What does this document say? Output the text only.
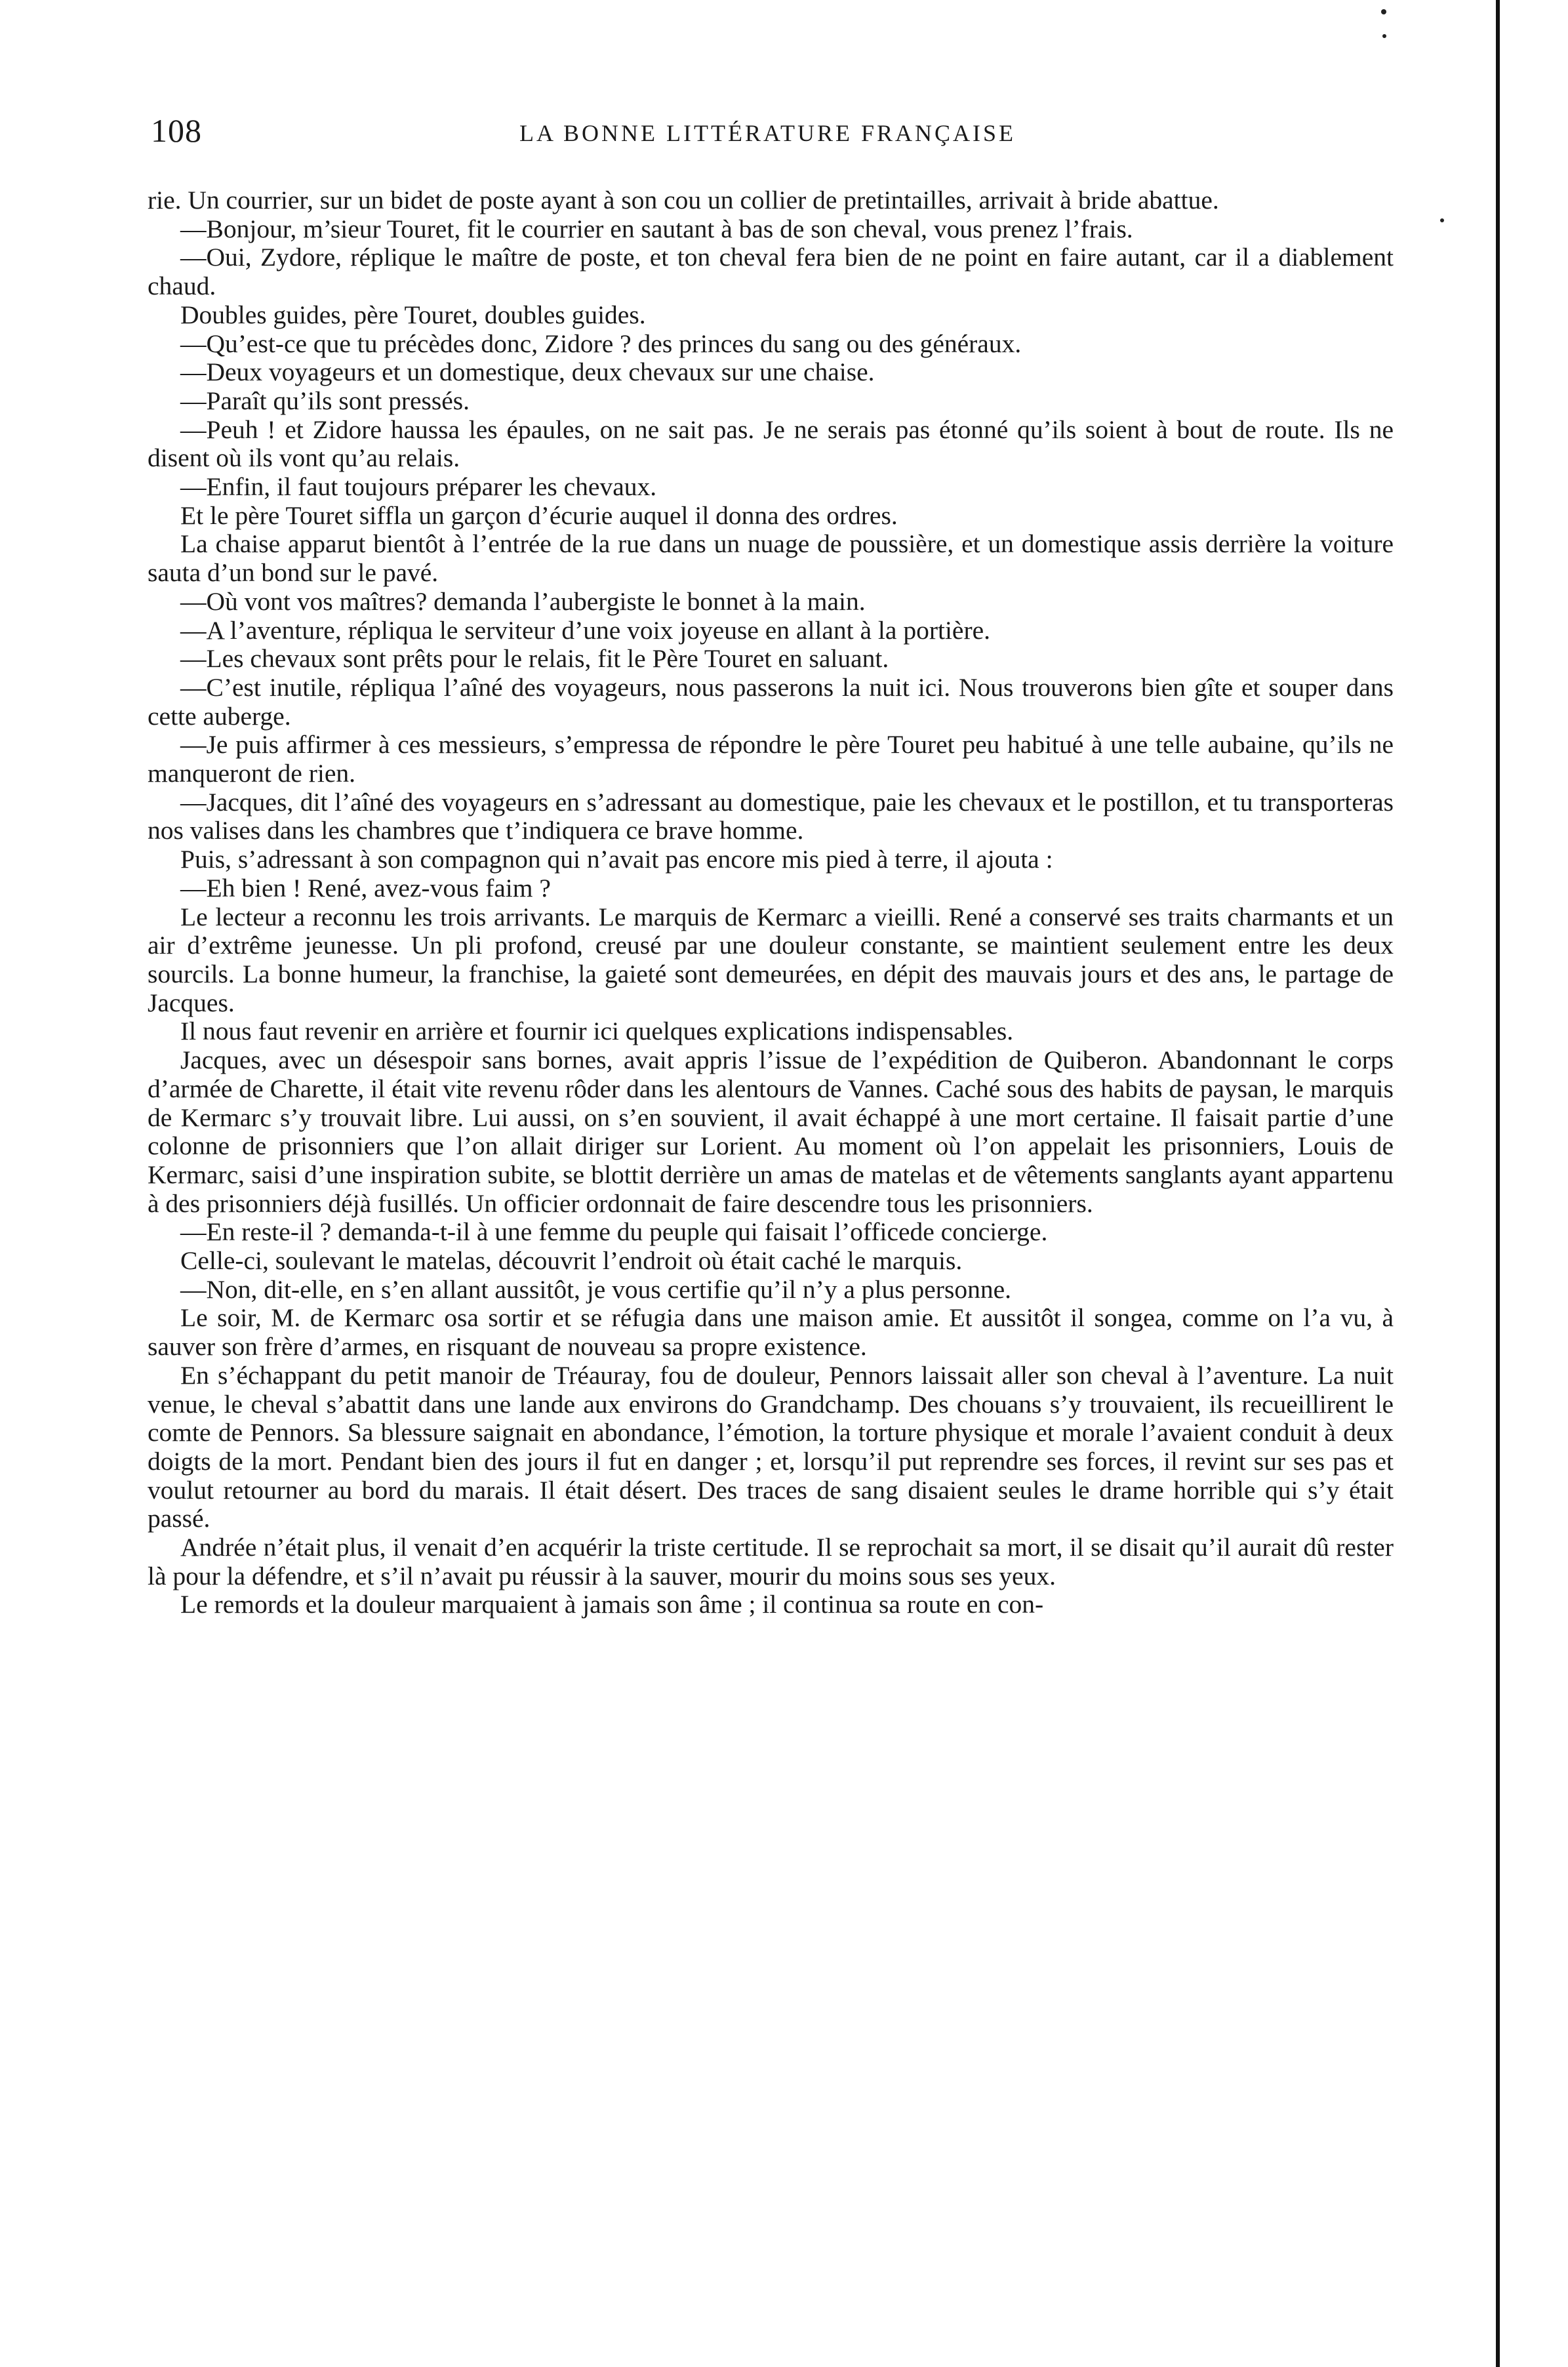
108	LA BONNE LITTÉRATURE FRANÇAISE

rie. Un courrier, sur un bidet de poste ayant à son cou un collier de pretintailles, arrivait à bride abattue.

—Bonjour, m’sieur Touret, fit le courrier en sautant à bas de son cheval, vous prenez l’frais.

—Oui, Zydore, réplique le maître de poste, et ton cheval fera bien de ne point en faire autant, car il a diablement chaud.

Doubles guides, père Touret, doubles guides.

—Qu’est-ce que tu précèdes donc, Zidore ? des princes du sang ou des généraux.

—Deux voyageurs et un domestique, deux chevaux sur une chaise.

—Paraît qu’ils sont pressés.

—Peuh ! et Zidore haussa les épaules, on ne sait pas. Je ne serais pas étonné qu’ils soient à bout de route. Ils ne disent où ils vont qu’au relais.

—Enfin, il faut toujours préparer les chevaux.

Et le père Touret siffla un garçon d’écurie auquel il donna des ordres.

La chaise apparut bientôt à l’entrée de la rue dans un nuage de poussière, et un domestique assis derrière la voiture sauta d’un bond sur le pavé.

—Où vont vos maîtres? demanda l’aubergiste le bonnet à la main.

—A l’aventure, répliqua le serviteur d’une voix joyeuse en allant à la portière.

—Les chevaux sont prêts pour le relais, fit le Père Touret en saluant.

—C’est inutile, répliqua l’aîné des voyageurs, nous passerons la nuit ici. Nous trouverons bien gîte et souper dans cette auberge.

—Je puis affirmer à ces messieurs, s’empressa de répondre le père Touret peu habitué à une telle aubaine, qu’ils ne manqueront de rien.

—Jacques, dit l’aîné des voyageurs en s’adressant au domestique, paie les chevaux et le postillon, et tu transporteras nos valises dans les chambres que t’indiquera ce brave homme.

Puis, s’adressant à son compagnon qui n’avait pas encore mis pied à terre, il ajouta :

—Eh bien ! René, avez-vous faim ?

Le lecteur a reconnu les trois arrivants. Le marquis de Kermarc a vieilli. René a conservé ses traits charmants et un air d’extrême jeunesse. Un pli profond, creusé par une douleur constante, se maintient seulement entre les deux sourcils. La bonne humeur, la franchise, la gaieté sont demeurées, en dépit des mauvais jours et des ans, le partage de Jacques.

Il nous faut revenir en arrière et fournir ici quelques explications indispensables.

Jacques, avec un désespoir sans bornes, avait appris l’issue de l’expédition de Quiberon. Abandonnant le corps d’armée de Charette, il était vite revenu rôder dans les alentours de Vannes. Caché sous des habits de paysan, le marquis de Kermarc s’y trouvait libre. Lui aussi, on s’en souvient, il avait échappé à une mort certaine. Il faisait partie d’une colonne de prisonniers que l’on allait diriger sur Lorient. Au moment où l’on appelait les prisonniers, Louis de Kermarc, saisi d’une inspiration subite, se blottit derrière un amas de matelas et de vêtements sanglants ayant appartenu à des prisonniers déjà fusillés. Un officier ordonnait de faire descendre tous les prisonniers.

—En reste-il ? demanda-t-il à une femme du peuple qui faisait l’officede concierge.

Celle-ci, soulevant le matelas, découvrit l’endroit où était caché le marquis.

—Non, dit-elle, en s’en allant aussitôt, je vous certifie qu’il n’y a plus personne.

Le soir, M. de Kermarc osa sortir et se réfugia dans une maison amie. Et aussitôt il songea, comme on l’a vu, à sauver son frère d’armes, en risquant de nouveau sa propre existence.

En s’échappant du petit manoir de Tréauray, fou de douleur, Pennors laissait aller son cheval à l’aventure. La nuit venue, le cheval s’abattit dans une lande aux environs do Grandchamp. Des chouans s’y trouvaient, ils recueillirent le comte de Pennors. Sa blessure saignait en abondance, l’émotion, la torture physique et morale l’avaient conduit à deux doigts de la mort. Pendant bien des jours il fut en danger ; et, lorsqu’il put reprendre ses forces, il revint sur ses pas et voulut retourner au bord du marais. Il était désert. Des traces de sang disaient seules le drame horrible qui s’y était passé.

Andrée n’était plus, il venait d’en acquérir la triste certitude. Il se reprochait sa mort, il se disait qu’il aurait dû rester là pour la défendre, et s’il n’avait pu réussir à la sauver, mourir du moins sous ses yeux.

Le remords et la douleur marquaient à jamais son âme ; il continua sa route en con-
